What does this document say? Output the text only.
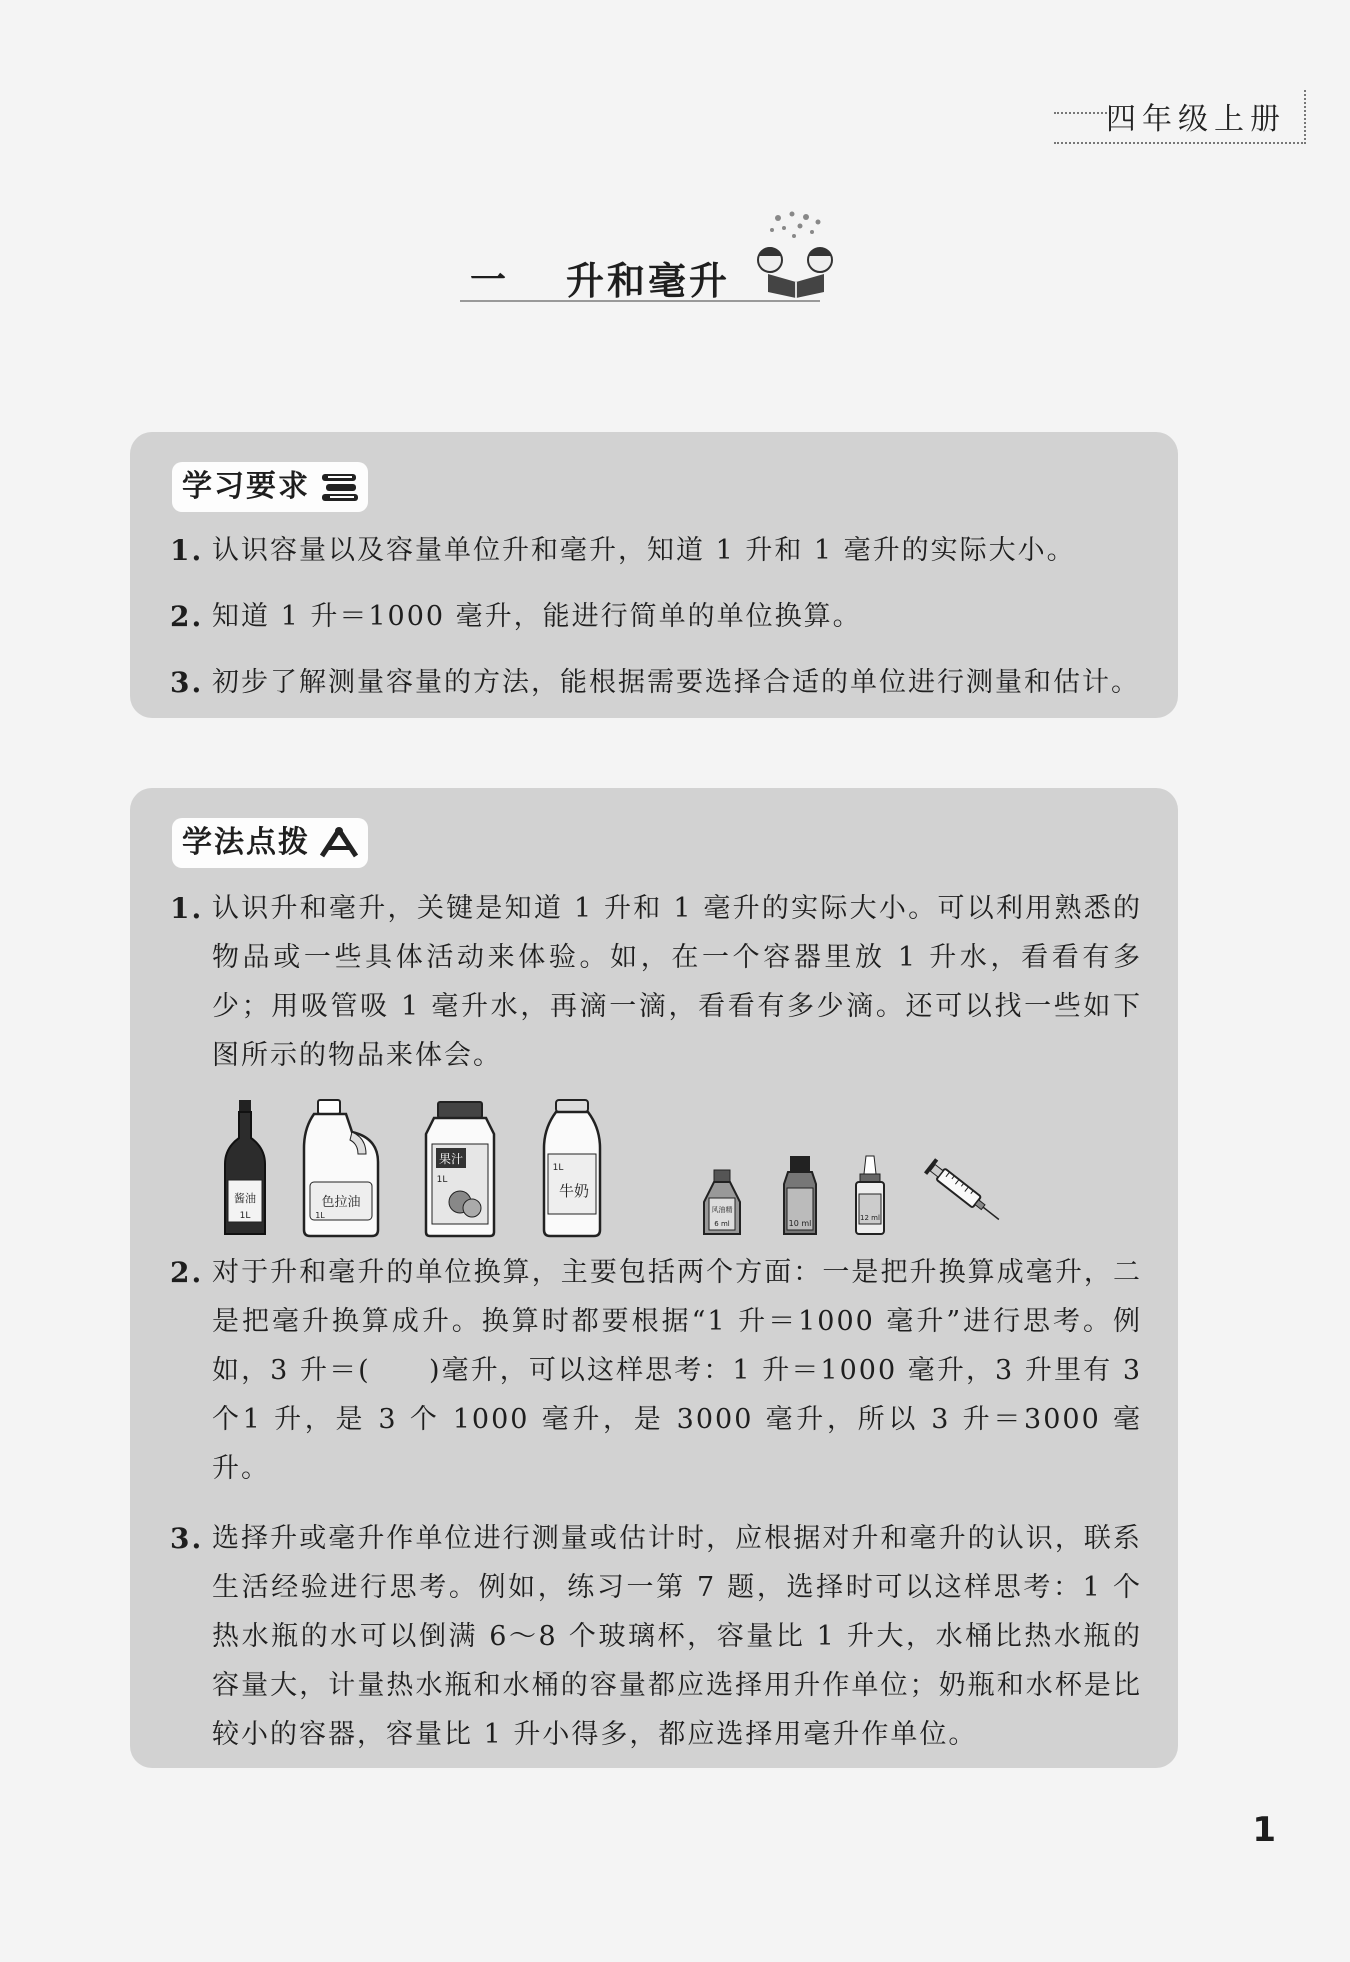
四年级上册
一 升和毫升
学习要求
1. 认识容量以及容量单位升和毫升，知道 1 升和 1 毫升的实际大小。
2. 知道 1 升＝1000 毫升，能进行简单的单位换算。
3. 初步了解测量容量的方法，能根据需要选择合适的单位进行测量和估计。
学法点拨
1. 认识升和毫升，关键是知道 1 升和 1 毫升的实际大小。可以利用熟悉的物品或一些具体活动来体验。如，在一个容器里放 1 升水，看看有多少；用吸管吸 1 毫升水，再滴一滴，看看有多少滴。还可以找一些如下图所示的物品来体会。
酱油
1L
色拉油
1L
果汁
1L
1L
牛奶
风油精
6 ml	10 ml
12 ml
2. 对于升和毫升的单位换算，主要包括两个方面：一是把升换算成毫升，二是把毫升换算成升。换算时都要根据“1 升＝1000 毫升”进行思考。例如，3 升＝(　　)毫升，可以这样思考：1 升＝1000 毫升，3 升里有 3 个1 升，是 3 个 1000 毫升，是 3000 毫升，所以 3 升＝3000 毫升。
3. 选择升或毫升作单位进行测量或估计时，应根据对升和毫升的认识，联系生活经验进行思考。例如，练习一第 7 题，选择时可以这样思考：1 个热水瓶的水可以倒满 6～8 个玻璃杯，容量比 1 升大，水桶比热水瓶的容量大，计量热水瓶和水桶的容量都应选择用升作单位；奶瓶和水杯是比较小的容器，容量比 1 升小得多，都应选择用毫升作单位。
1
